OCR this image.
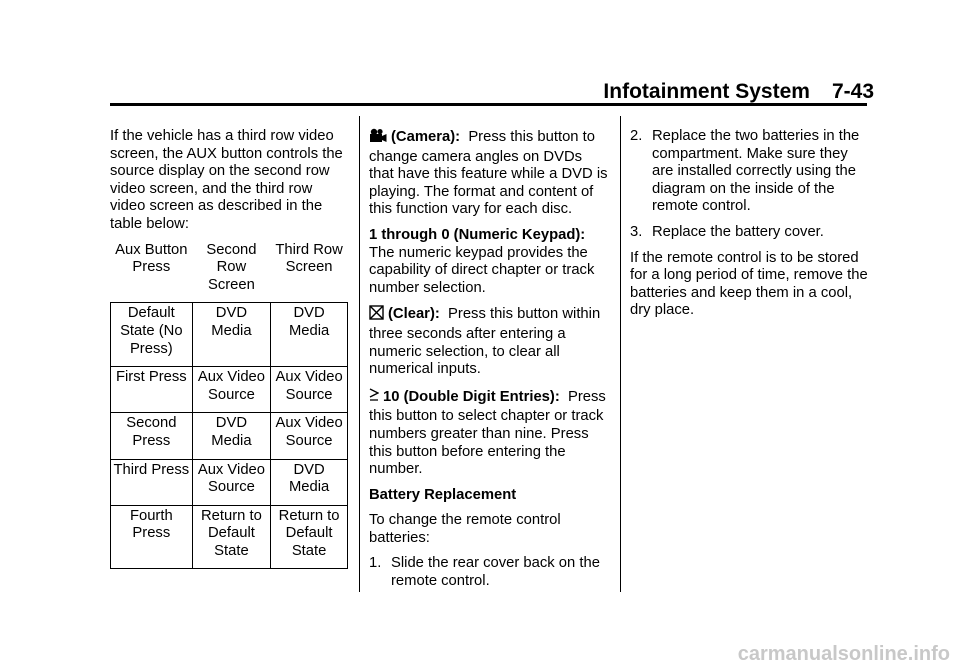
Infotainment System 7-43

If the vehicle has a third row video screen, the AUX button controls the source display on the second row video screen, and the third row video screen as described in the table below:

Aux Button Press	Second Row Screen	Third Row Screen
Default State (No Press)	DVD Media	DVD Media
First Press	Aux Video Source	Aux Video Source
Second Press	DVD Media	Aux Video Source
Third Press	Aux Video Source	DVD Media
Fourth Press	Return to Default State	Return to Default State

(Camera): Press this button to change camera angles on DVDs that have this feature while a DVD is playing. The format and content of this function vary for each disc.

1 through 0 (Numeric Keypad):
The numeric keypad provides the capability of direct chapter or track number selection.

(Clear): Press this button within three seconds after entering a numeric selection, to clear all numerical inputs.

10 (Double Digit Entries): Press this button to select chapter or track numbers greater than nine. Press this button before entering the number.

Battery Replacement

To change the remote control batteries:

1. Slide the rear cover back on the remote control.
2. Replace the two batteries in the compartment. Make sure they are installed correctly using the diagram on the inside of the remote control.
3. Replace the battery cover.

If the remote control is to be stored for a long period of time, remove the batteries and keep them in a cool, dry place.

carmanualsonline.info
